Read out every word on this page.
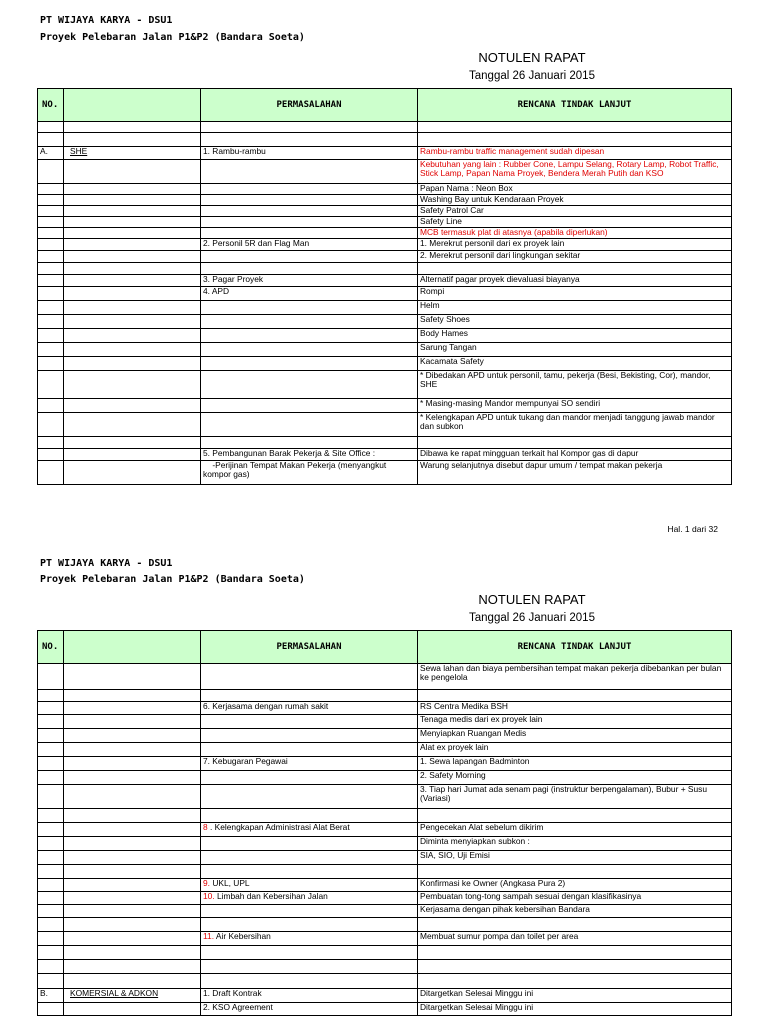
PT WIJAYA KARYA - DSU1
Proyek Pelebaran Jalan P1&P2 (Bandara Soeta)
NOTULEN RAPAT
Tanggal 26 Januari 2015
NO.		PERMASALAHAN	RENCANA TINDAK LANJUT

A.	SHE	1. Rambu-rambu	Rambu-rambu traffic management sudah dipesan
			Kebutuhan yang lain : Rubber Cone, Lampu Selang, Rotary Lamp, Robot Traffic, Stick Lamp, Papan Nama Proyek, Bendera Merah Putih dan KSO
			Papan Nama : Neon Box
			Washing Bay untuk Kendaraan Proyek
			Safety Patrol Car
			Safety Line
			MCB termasuk plat di atasnya (apabila diperlukan)
		2. Personil 5R dan Flag Man	1. Merekrut personil dari ex proyek lain
			2. Merekrut personil dari lingkungan sekitar

		3. Pagar Proyek	Alternatif pagar proyek dievaluasi biayanya
		4. APD	Rompi
			Helm
			Safety Shoes
			Body Hames
			Sarung Tangan
			Kacamata Safety
			* Dibedakan APD untuk personil, tamu, pekerja (Besi, Bekisting, Cor), mandor, SHE
			* Masing-masing Mandor mempunyai SO sendiri
			* Kelengkapan APD untuk tukang dan mandor menjadi tanggung jawab mandor dan subkon

		5. Pembangunan Barak Pekerja & Site Office :	Dibawa ke rapat mingguan terkait hal Kompor gas di dapur
		-Perijinan Tempat Makan Pekerja (menyangkut kompor gas)	Warung selanjutnya disebut dapur umum / tempat makan pekerja
Hal. 1 dari 32
PT WIJAYA KARYA - DSU1
Proyek Pelebaran Jalan P1&P2 (Bandara Soeta)
NOTULEN RAPAT
Tanggal 26 Januari 2015
NO.		PERMASALAHAN	RENCANA TINDAK LANJUT
			Sewa lahan dan biaya pembersihan tempat makan pekerja dibebankan per bulan ke pengelola

		6. Kerjasama dengan rumah sakit	RS Centra Medika BSH
			Tenaga medis dari ex proyek lain
			Menyiapkan Ruangan Medis
			Alat ex proyek lain
		7. Kebugaran Pegawai	1. Sewa lapangan Badminton
			2. Safety Morning
			3. Tiap hari Jumat ada senam pagi (instruktur berpengalaman), Bubur + Susu (Variasi)

		8 . Kelengkapan Administrasi Alat Berat	Pengecekan Alat sebelum dikirim
			Diminta menyiapkan subkon :
			SIA, SIO, Uji Emisi

		9. UKL, UPL	Konfirmasi ke Owner (Angkasa Pura 2)
		10. Limbah dan Kebersihan Jalan	Pembuatan tong-tong sampah sesuai dengan klasifikasinya
			Kerjasama dengan pihak kebersihan Bandara

		11. Air Kebersihan	Membuat sumur pompa dan toilet per area

B.	KOMERSIAL & ADKON	1. Draft Kontrak	Ditargetkan Selesai Minggu ini
		2. KSO Agreement	Ditargetkan Selesai Minggu ini
